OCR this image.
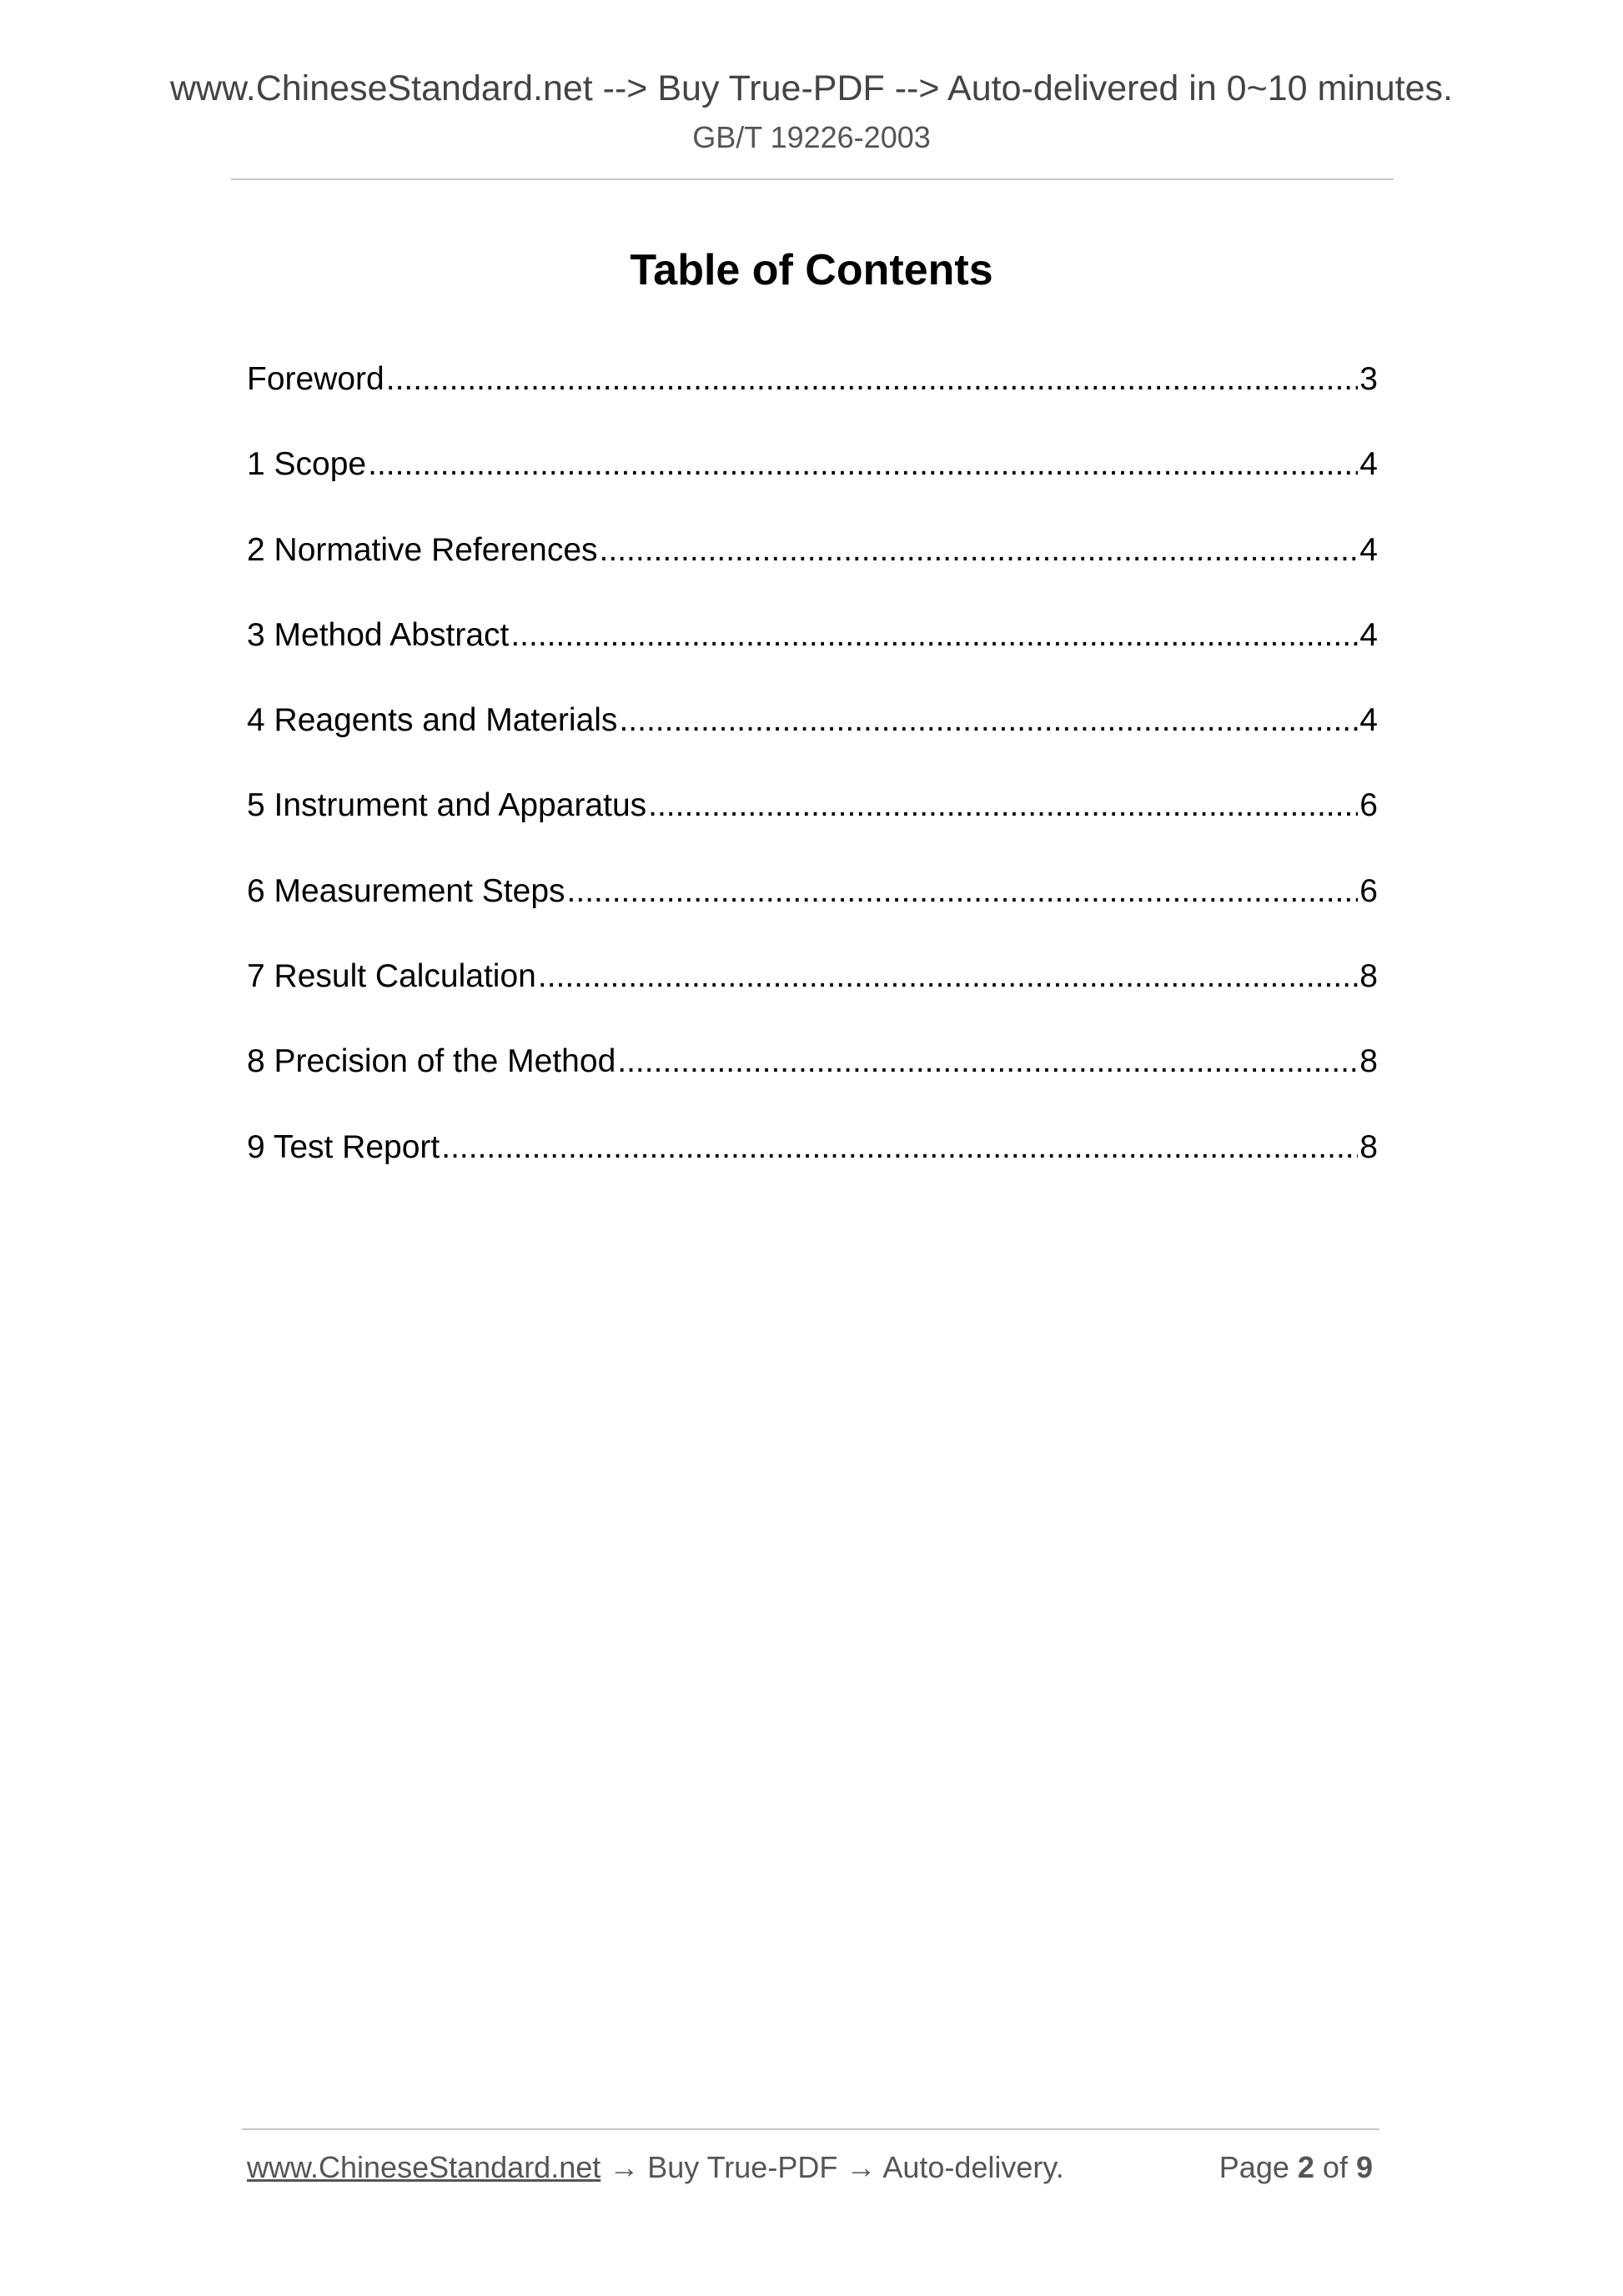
www.ChineseStandard.net --> Buy True-PDF --> Auto-delivered in 0~10 minutes.
GB/T 19226-2003
Table of Contents
Foreword .....	3
1 Scope .....	4
2 Normative References .....	4
3 Method Abstract .....	4
4 Reagents and Materials .....	4
5 Instrument and Apparatus .....	6
6 Measurement Steps .....	6
7 Result Calculation .....	8
8 Precision of the Method .....	8
9 Test Report .....	8
www.ChineseStandard.net → Buy True-PDF → Auto-delivery.	Page 2 of 9
